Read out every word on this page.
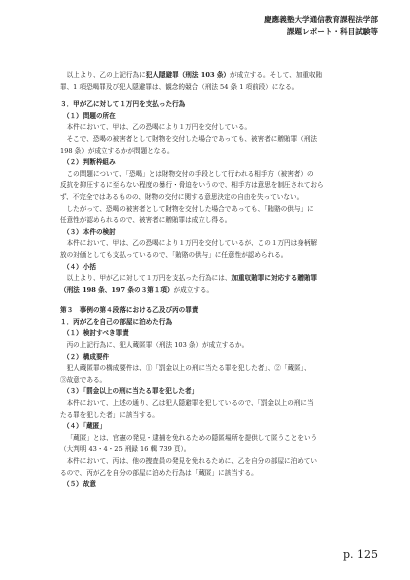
慶應義塾大学通信教育課程法学部
課題レポート・科目試験等
以上より、乙の上記行為に犯人隠避罪（刑法 103 条）が成立する。そして、加重収賄
罪、1 項恐喝罪及び犯人隠避罪は、観念的競合（刑法 54 条 1 項前段）になる。
３．甲が乙に対して１万円を支払った行為
（１）問題の所在
本件において、甲は、乙の恐喝により１万円を交付している。
そこで、恐喝の被害者として財物を交付した場合であっても、被害者に贈賄罪（刑法
198 条）が成立するかが問題となる。
（２）判断枠組み
この問題について、「恐喝」とは財物交付の手段として行われる相手方（被害者）の
反抗を抑圧するに至らない程度の暴行・脅迫をいうので、相手方は意思を制圧されておら
ず、不完全ではあるものの、財物の交付に関する意思決定の自由を失っていない。
したがって、恐喝の被害者として財物を交付した場合であっても、「賄賂の供与」に
任意性が認められるので、被害者に贈賄罪は成立し得る。
（３）本件の検討
本件において、甲は、乙の恐喝により１万円を交付しているが、この１万円は身柄解
放の対価としても支払っているので、「賄賂の供与」に任意性が認められる。
（４）小括
以上より、甲が乙に対して１万円を支払った行為には、加重収賄罪に対応する贈賄罪
（刑法 198 条、197 条の３第１項）が成立する。
第３　事例の第４段落における乙及び丙の罪責
１．丙が乙を自己の部屋に泊めた行為
（１）検討すべき罪責
丙の上記行為に、犯人蔵匿罪（刑法 103 条）が成立するか。
（２）構成要件
犯人蔵匿罪の構成要件は、①「罰金以上の刑に当たる罪を犯した者」、②「蔵匿」、
③故意である。
（３）「罰金以上の刑に当たる罪を犯した者」
本件において、上述の通り、乙は犯人隠避罪を犯しているので、「罰金以上の刑に当
たる罪を犯した者」に該当する。
（４）「蔵匿」
「蔵匿」とは、官憲の発見・逮捕を免れるための隠匿場所を提供して匿うことをいう
（大判明 43・4・25 刑録 16 輯 739 頁）。
本件において、丙は、他の捜査員の発見を免れるために、乙を自分の部屋に泊めてい
るので、丙が乙を自分の部屋に泊めた行為は「蔵匿」に該当する。
（５）故意
p. 125
